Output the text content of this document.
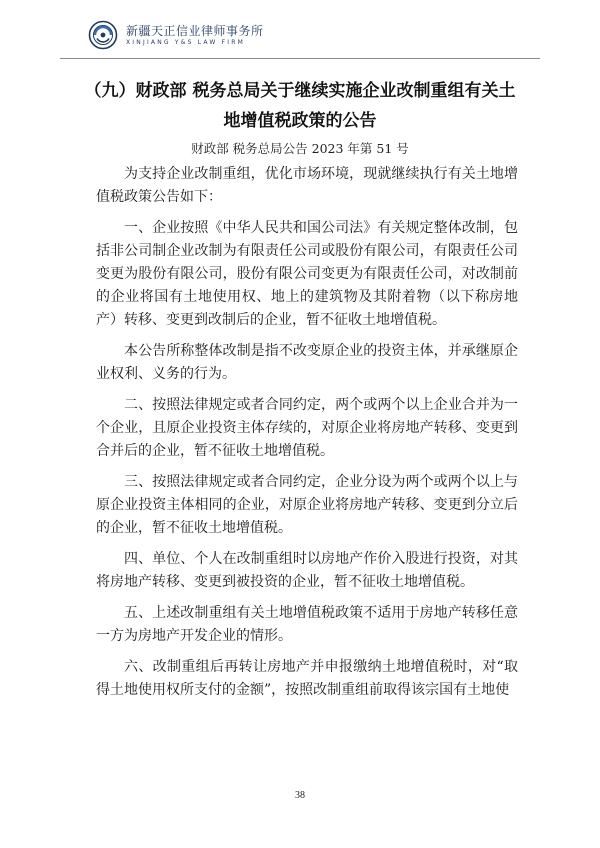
新疆天正信业律师事务所
XINJIANG Y&S LAW FIRM
（九）财政部 税务总局关于继续实施企业改制重组有关土
地增值税政策的公告
财政部 税务总局公告 2023 年第 51 号

为支持企业改制重组，优化市场环境，现就继续执行有关土地增值税政策公告如下：

一、企业按照《中华人民共和国公司法》有关规定整体改制，包括非公司制企业改制为有限责任公司或股份有限公司，有限责任公司变更为股份有限公司，股份有限公司变更为有限责任公司，对改制前的企业将国有土地使用权、地上的建筑物及其附着物（以下称房地产）转移、变更到改制后的企业，暂不征收土地增值税。

本公告所称整体改制是指不改变原企业的投资主体，并承继原企业权利、义务的行为。

二、按照法律规定或者合同约定，两个或两个以上企业合并为一个企业，且原企业投资主体存续的，对原企业将房地产转移、变更到合并后的企业，暂不征收土地增值税。

三、按照法律规定或者合同约定，企业分设为两个或两个以上与原企业投资主体相同的企业，对原企业将房地产转移、变更到分立后的企业，暂不征收土地增值税。

四、单位、个人在改制重组时以房地产作价入股进行投资，对其将房地产转移、变更到被投资的企业，暂不征收土地增值税。

五、上述改制重组有关土地增值税政策不适用于房地产转移任意一方为房地产开发企业的情形。

六、改制重组后再转让房地产并申报缴纳土地增值税时，对“取得土地使用权所支付的金额”，按照改制重组前取得该宗国有土地使

38
